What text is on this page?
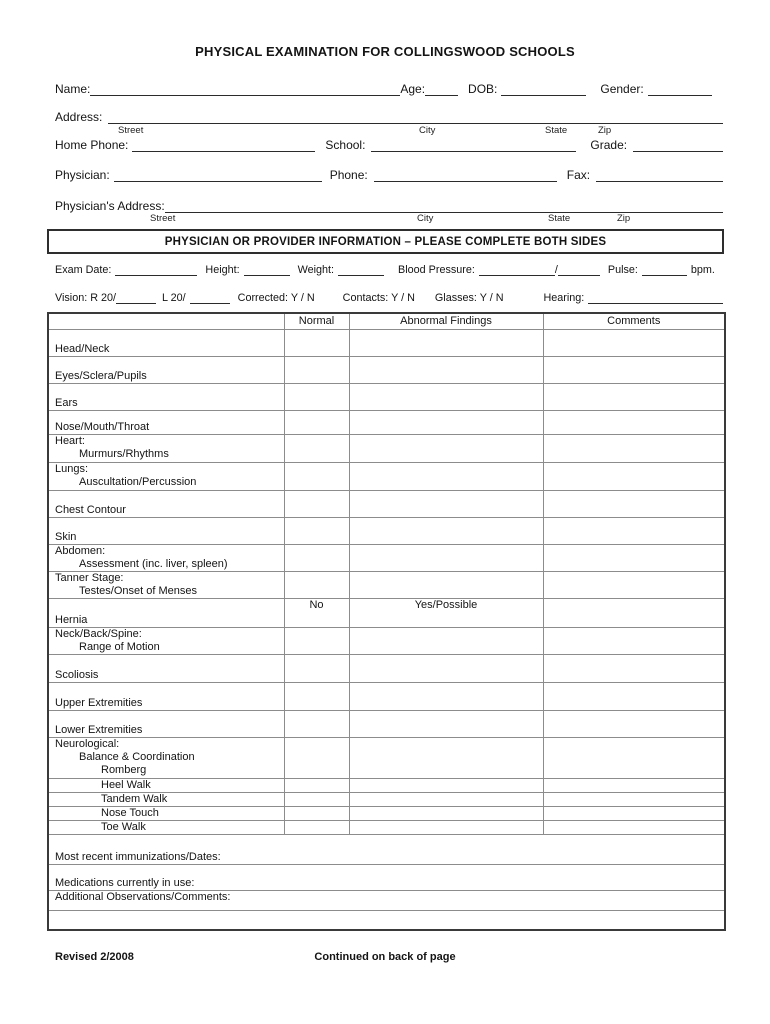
PHYSICAL EXAMINATION FOR COLLINGSWOOD SCHOOLS
Name:	Age:	DOB:	Gender:
Address:
Street	City	State	Zip
Home Phone:	School:	Grade:
Physician:	Phone:	Fax:
Physician's Address:
Street	City	State	Zip
PHYSICIAN OR PROVIDER INFORMATION – PLEASE COMPLETE BOTH SIDES
Exam Date:	Height:	Weight:	Blood Pressure:	/	Pulse:	bpm.
Vision: R 20/	L 20/	Corrected: Y / N	Contacts: Y / N Glasses: Y / N	Hearing:
	Normal	Abnormal Findings	Comments

Head/Neck			

Eyes/Sclera/Pupils			

Ears			

Nose/Mouth/Throat			

Heart:
Murmurs/Rhythms			

Lungs:
Auscultation/Percussion			

Chest Contour			

Skin			

Abdomen:
Assessment (inc. liver, spleen)			

Tanner Stage:
Testes/Onset of Menses			

Hernia	No	Yes/Possible	

Neck/Back/Spine:
Range of Motion			

Scoliosis			

Upper Extremities			

Lower Extremities			

Neurological:
Balance & Coordination
Romberg			

Heel Walk			

Tandem Walk			

Nose Touch			

Toe Walk			

Most recent immunizations/Dates:			

Medications currently in use:			

Additional Observations/Comments:			

Revised 2/2008	Continued on back of page
